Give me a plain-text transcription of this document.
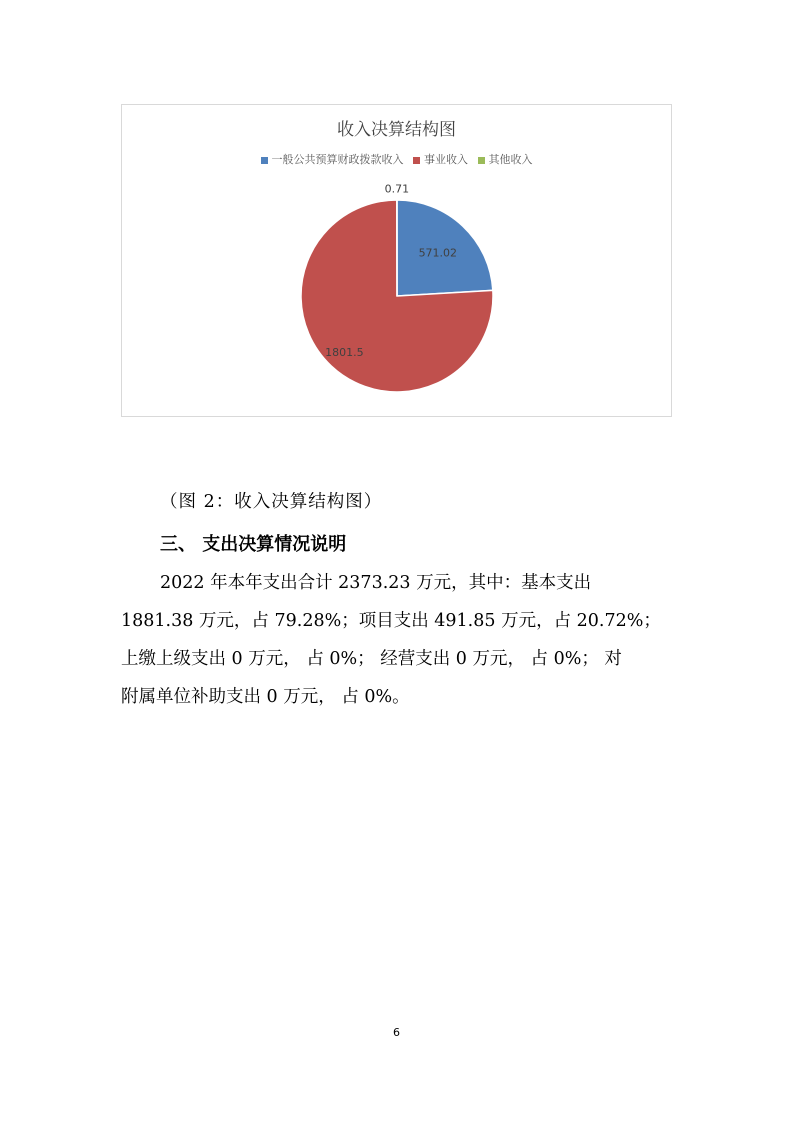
收入决算结构图
一般公共预算财政拨款收入 事业收入 其他收入
571.02
1801.5
0.71
（图 2：收入决算结构图）
三、 支出决算情况说明
2022 年本年支出合计 2373.23 万元，其中：基本支出
1881.38 万元，占 79.28%；项目支出 491.85 万元，占 20.72%；
上缴上级支出 0 万元， 占 0%； 经营支出 0 万元， 占 0%； 对
附属单位补助支出 0 万元， 占 0%。
6
